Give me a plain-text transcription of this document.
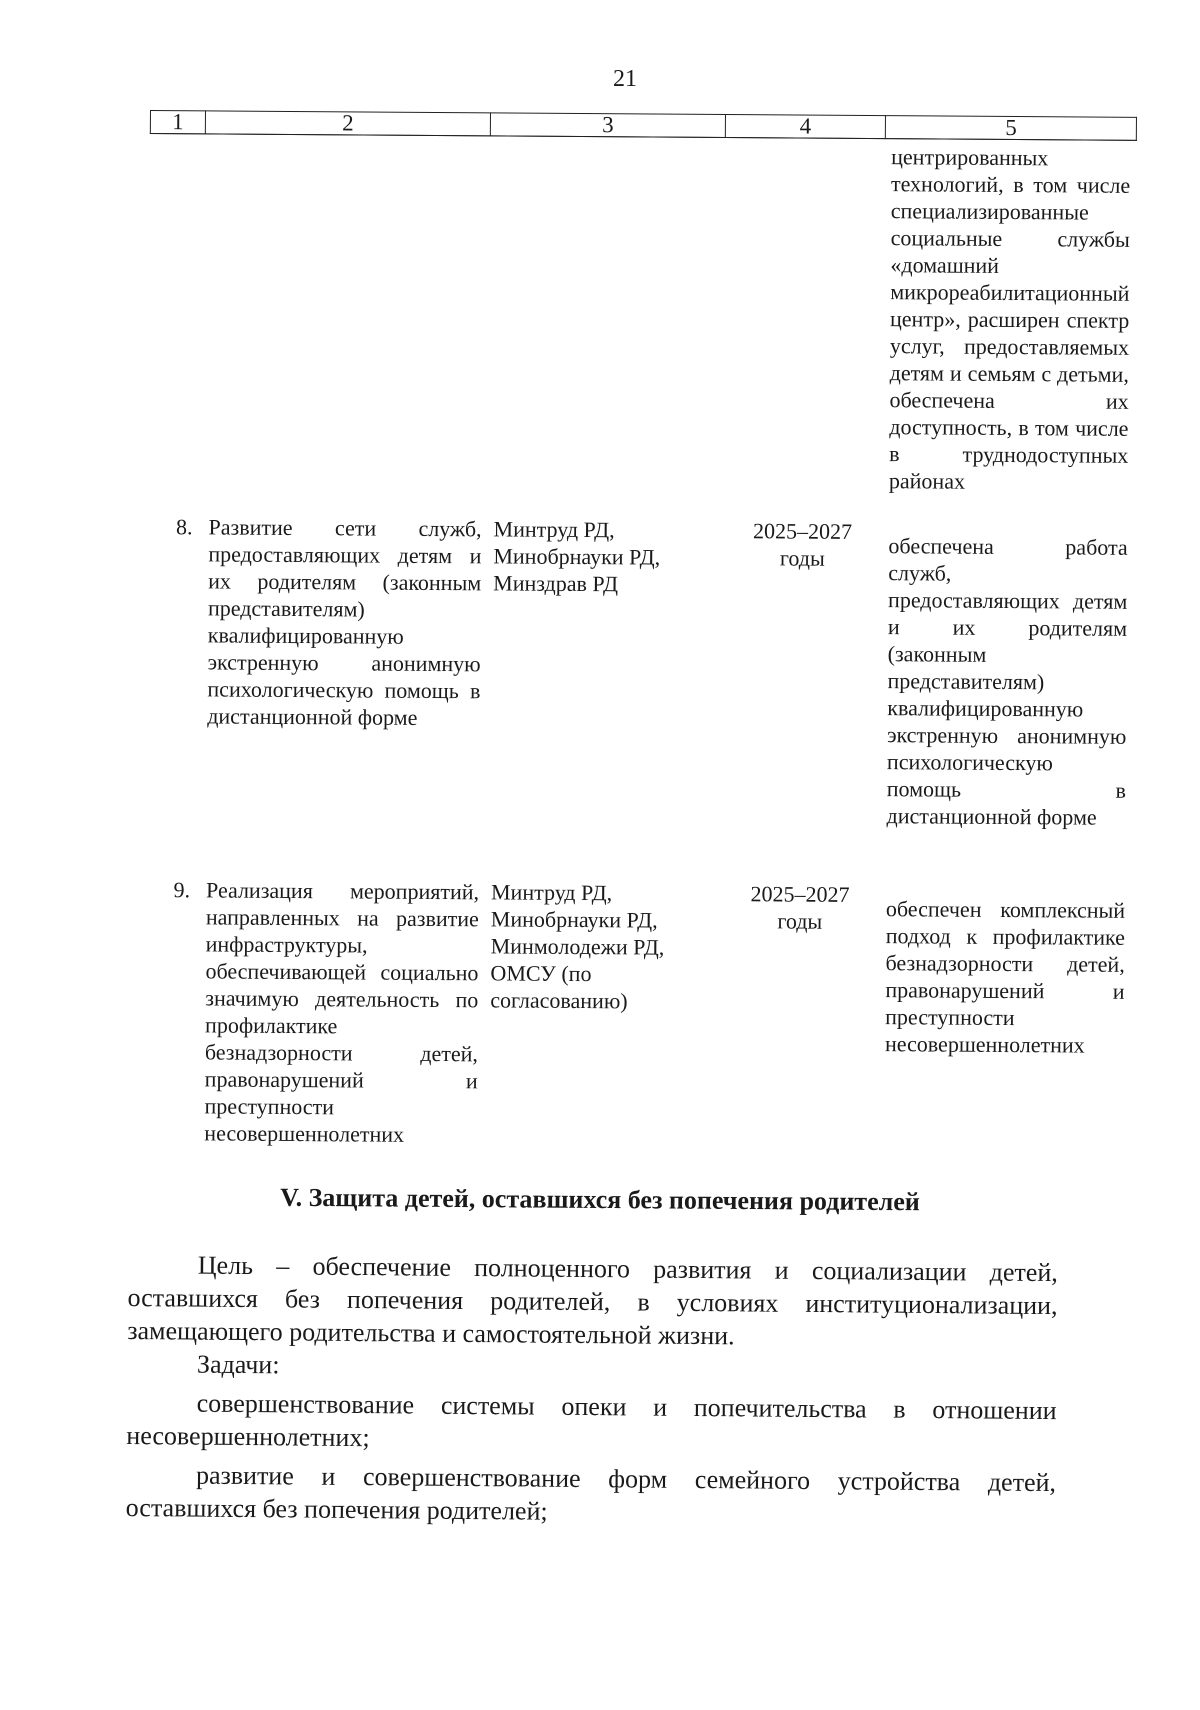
21
1	2	3	4	5
				центрированных технологий, в том числе специализированные социальные службы «домашний микрореабилитационный центр», расширен спектр услуг, предоставляемых детям и семьям с детьми, обеспечена их доступность, в том числе в труднодоступных районах
8.	Развитие сети служб, предоставляющих детям и их родителям (законным представителям) квалифицированную экстренную анонимную психологическую помощь в дистанционной форме	Минтруд РД, Минобрнауки РД, Минздрав РД	2025–2027 годы	обеспечена работа служб, предоставляющих детям и их родителям (законным представителям) квалифицированную экстренную анонимную психологическую помощь в дистанционной форме
9.	Реализация мероприятий, направленных на развитие инфраструктуры, обеспечивающей социально значимую деятельность по профилактике безнадзорности детей, правонарушений и преступности несовершеннолетних	Минтруд РД, Минобрнауки РД, Минмолодежи РД, ОМСУ (по согласованию)	2025–2027 годы	обеспечен комплексный подход к профилактике безнадзорности детей, правонарушений и преступности несовершеннолетних
V. Защита детей, оставшихся без попечения родителей

Цель – обеспечение полноценного развития и социализации детей, оставшихся без попечения родителей, в условиях институционализации, замещающего родительства и самостоятельной жизни.

Задачи:

совершенствование системы опеки и попечительства в отношении несовершеннолетних;

развитие и совершенствование форм семейного устройства детей, оставшихся без попечения родителей;
